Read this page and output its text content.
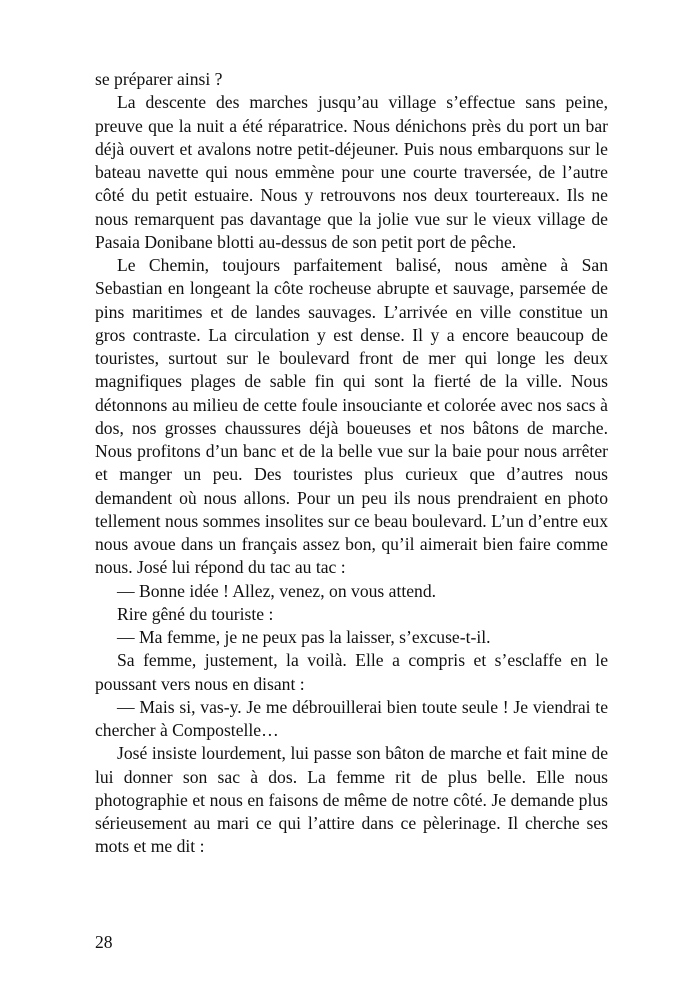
se préparer ainsi ?

La descente des marches jusqu’au village s’effectue sans peine, preuve que la nuit a été réparatrice. Nous dénichons près du port un bar déjà ouvert et avalons notre petit-déjeuner. Puis nous embarquons sur le bateau navette qui nous emmène pour une courte traversée, de l’autre côté du petit estuaire. Nous y retrouvons nos deux tourtereaux. Ils ne nous remarquent pas davantage que la jolie vue sur le vieux village de Pasaia Donibane blotti au-dessus de son petit port de pêche.

Le Chemin, toujours parfaitement balisé, nous amène à San Sebastian en longeant la côte rocheuse abrupte et sauvage, parsemée de pins maritimes et de landes sauvages. L’arrivée en ville constitue un gros contraste. La circulation y est dense. Il y a encore beaucoup de touristes, surtout sur le boulevard front de mer qui longe les deux magnifiques plages de sable fin qui sont la fierté de la ville. Nous détonnons au milieu de cette foule insouciante et colorée avec nos sacs à dos, nos grosses chaussures déjà boueuses et nos bâtons de marche. Nous profitons d’un banc et de la belle vue sur la baie pour nous arrêter et manger un peu. Des touristes plus curieux que d’autres nous demandent où nous allons. Pour un peu ils nous prendraient en photo tellement nous sommes insolites sur ce beau boulevard. L’un d’entre eux nous avoue dans un français assez bon, qu’il aimerait bien faire comme nous. José lui répond du tac au tac :

— Bonne idée ! Allez, venez, on vous attend.

Rire gêné du touriste :

— Ma femme, je ne peux pas la laisser, s’excuse-t-il.

Sa femme, justement, la voilà. Elle a compris et s’esclaffe en le poussant vers nous en disant :

— Mais si, vas-y. Je me débrouillerai bien toute seule ! Je viendrai te chercher à Compostelle…

José insiste lourdement, lui passe son bâton de marche et fait mine de lui donner son sac à dos. La femme rit de plus belle. Elle nous photographie et nous en faisons de même de notre côté. Je demande plus sérieusement au mari ce qui l’attire dans ce pèlerinage. Il cherche ses mots et me dit :

28
